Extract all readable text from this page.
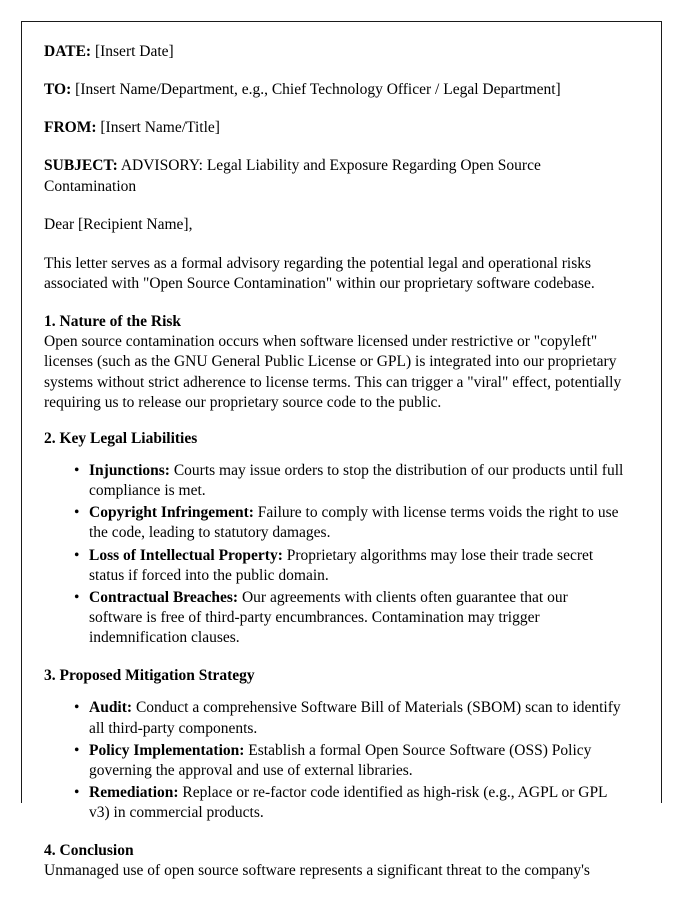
DATE: [Insert Date]
TO: [Insert Name/Department, e.g., Chief Technology Officer / Legal Department]
FROM: [Insert Name/Title]
SUBJECT: ADVISORY: Legal Liability and Exposure Regarding Open Source Contamination
Dear [Recipient Name],
This letter serves as a formal advisory regarding the potential legal and operational risks associated with "Open Source Contamination" within our proprietary software codebase.
1. Nature of the Risk
Open source contamination occurs when software licensed under restrictive or "copyleft" licenses (such as the GNU General Public License or GPL) is integrated into our proprietary systems without strict adherence to license terms. This can trigger a "viral" effect, potentially requiring us to release our proprietary source code to the public.
2. Key Legal Liabilities
• Injunctions: Courts may issue orders to stop the distribution of our products until full compliance is met.
• Copyright Infringement: Failure to comply with license terms voids the right to use the code, leading to statutory damages.
• Loss of Intellectual Property: Proprietary algorithms may lose their trade secret status if forced into the public domain.
• Contractual Breaches: Our agreements with clients often guarantee that our software is free of third-party encumbrances. Contamination may trigger indemnification clauses.
3. Proposed Mitigation Strategy
• Audit: Conduct a comprehensive Software Bill of Materials (SBOM) scan to identify all third-party components.
• Policy Implementation: Establish a formal Open Source Software (OSS) Policy governing the approval and use of external libraries.
• Remediation: Replace or re-factor code identified as high-risk (e.g., AGPL or GPL v3) in commercial products.
4. Conclusion
Unmanaged use of open source software represents a significant threat to the company's
